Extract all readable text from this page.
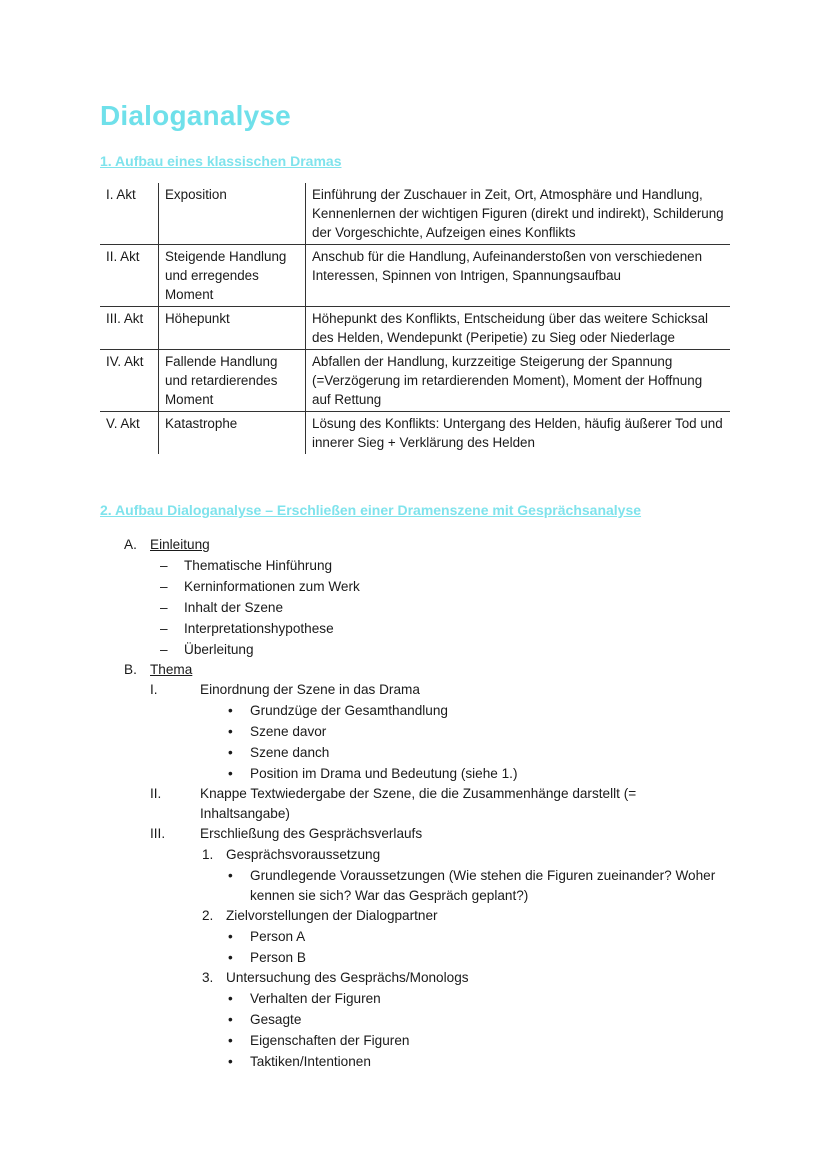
Dialoganalyse
1. Aufbau eines klassischen Dramas
I. Akt	Exposition	Einführung der Zuschauer in Zeit, Ort, Atmosphäre und Handlung, Kennenlernen der wichtigen Figuren (direkt und indirekt), Schilderung der Vorgeschichte, Aufzeigen eines Konflikts
II. Akt	Steigende Handlung und erregendes Moment	Anschub für die Handlung, Aufeinanderstoßen von verschiedenen Interessen, Spinnen von Intrigen, Spannungsaufbau
III. Akt	Höhepunkt	Höhepunkt des Konflikts, Entscheidung über das weitere Schicksal des Helden, Wendepunkt (Peripetie) zu Sieg oder Niederlage
IV. Akt	Fallende Handlung und retardierendes Moment	Abfallen der Handlung, kurzzeitige Steigerung der Spannung (=Verzögerung im retardierenden Moment), Moment der Hoffnung auf Rettung
V. Akt	Katastrophe	Lösung des Konflikts: Untergang des Helden, häufig äußerer Tod und innerer Sieg + Verklärung des Helden
2. Aufbau Dialoganalyse – Erschließen einer Dramenszene mit Gesprächsanalyse
A. Einleitung
– Thematische Hinführung
– Kerninformationen zum Werk
– Inhalt der Szene
– Interpretationshypothese
– Überleitung
B. Thema
I.	Einordnung der Szene in das Drama
•
Grundzüge der Gesamthandlung
•
Szene davor
•
Szene danch
•
Position im Drama und Bedeutung (siehe 1.)
II.	Knappe Textwiedergabe der Szene, die die Zusammenhänge darstellt (=
Inhaltsangabe)
III.	Erschließung des Gesprächsverlaufs
1. Gesprächsvoraussetzung
•
Grundlegende Voraussetzungen (Wie stehen die Figuren zueinander? Woher
kennen sie sich? War das Gespräch geplant?)
2. Zielvorstellungen der Dialogpartner
•
Person A
•
Person B
3. Untersuchung des Gesprächs/Monologs
•
Verhalten der Figuren
•
Gesagte
•
Eigenschaften der Figuren
•
Taktiken/Intentionen
